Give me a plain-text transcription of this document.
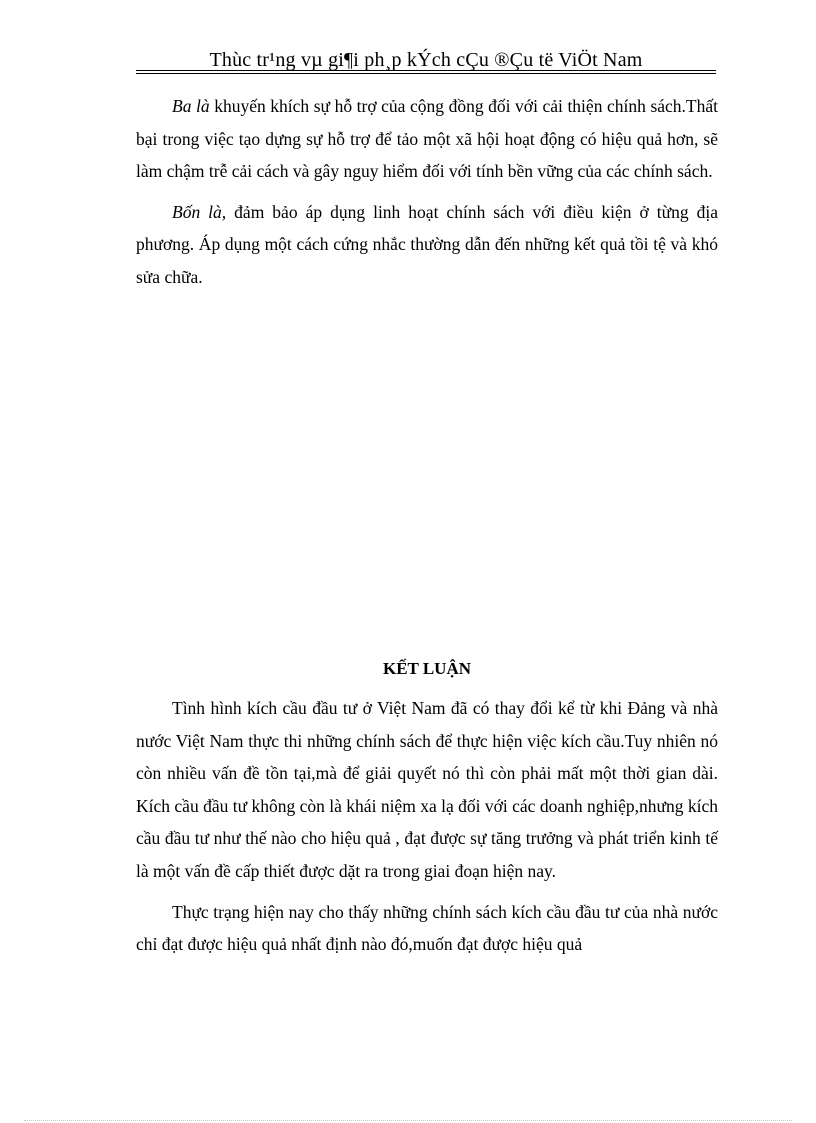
Thùc tr¹ng vµ gi¶i ph¸p kÝch cÇu ®Çu të ViÖt Nam

Ba là khuyến khích sự hỗ trợ của cộng đồng đối với cải thiện chính sách.Thất bại trong việc tạo dựng sự hỗ trợ để tảo một xã hội hoạt động có hiệu quả hơn, sẽ làm chậm trễ cải cách và gây nguy hiểm đối với tính bền vững của các chính sách.

Bốn là, đảm bảo áp dụng linh hoạt chính sách với điều kiện ở từng địa phương. Áp dụng một cách cứng nhắc thường dẫn đến những kết quả tồi tệ và khó sửa chữa.

KẾT LUẬN

Tình hình kích cầu đầu tư ở Việt Nam đã có thay đổi kể từ khi Đảng và nhà nước Việt Nam thực thi những chính sách để thực hiện việc kích cầu.Tuy nhiên nó còn nhiều vấn đề tồn tại,mà để giải quyết nó thì còn phải mất một thời gian dài. Kích cầu đầu tư không còn là khái niệm xa lạ đối với các doanh nghiệp,nhưng kích cầu đầu tư như thế nào cho hiệu quả , đạt được sự tăng trưởng và phát triển kinh tế là một vấn đề cấp thiết được dặt ra trong giai đoạn hiện nay.

Thực trạng hiện nay cho thấy những chính sách kích cầu đầu tư của nhà nước chỉ đạt được hiệu quả nhất định nào đó,muốn đạt được hiệu quả
